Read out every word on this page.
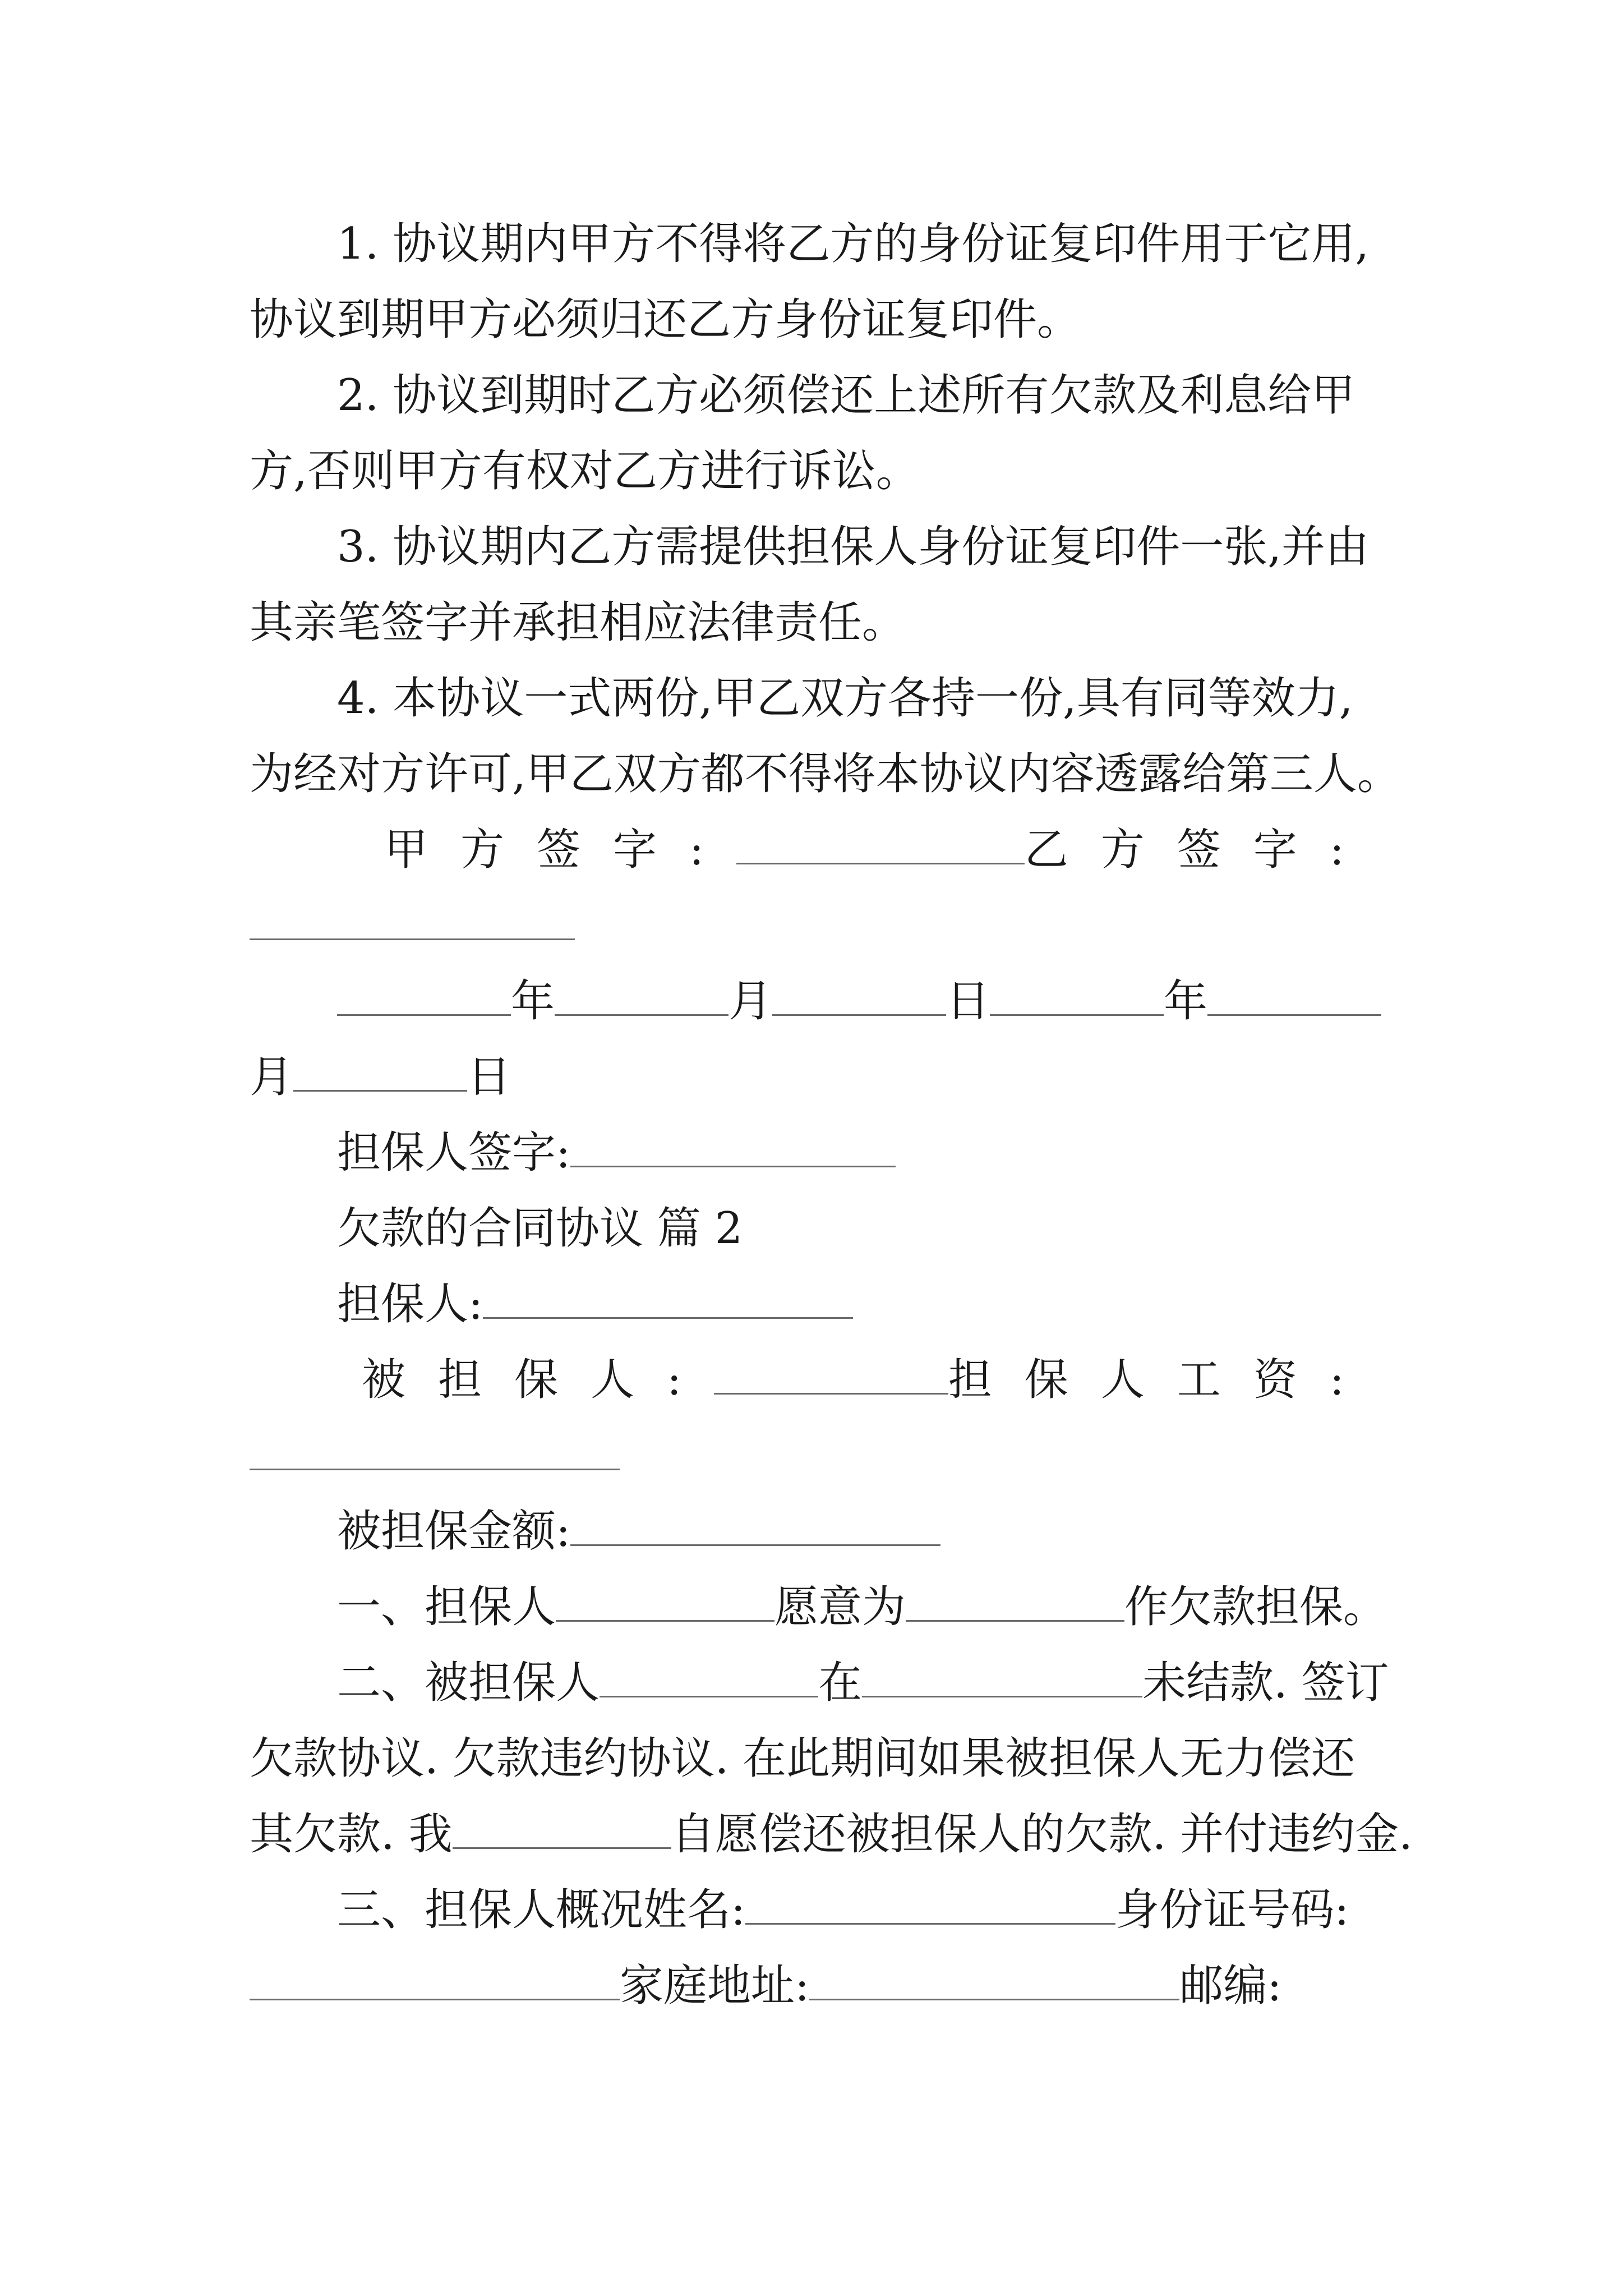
1. 协议期内甲方不得将乙方的身份证复印件用于它用,

协议到期甲方必须归还乙方身份证复印件。

2. 协议到期时乙方必须偿还上述所有欠款及利息给甲

方,否则甲方有权对乙方进行诉讼。

3. 协议期内乙方需提供担保人身份证复印件一张,并由

其亲笔签字并承担相应法律责任。

4. 本协议一式两份,甲乙双方各持一份,具有同等效力,

为经对方许可,甲乙双方都不得将本协议内容透露给第三人。

甲方签字:	乙方签字:
年	月	日	年
月	日
担保人签字:

欠款的合同协议 篇 2

担保人:
被担保人:	担保人工资:
被担保金额:
一、担保人	愿意为	作欠款担保。
二、被担保人	在	未结款. 签订

欠款协议. 欠款违约协议. 在此期间如果被担保人无力偿还

其欠款. 我	自愿偿还被担保人的欠款. 并付违约金.
三、担保人概况姓名:	身份证号码:
家庭地址:	邮编:
